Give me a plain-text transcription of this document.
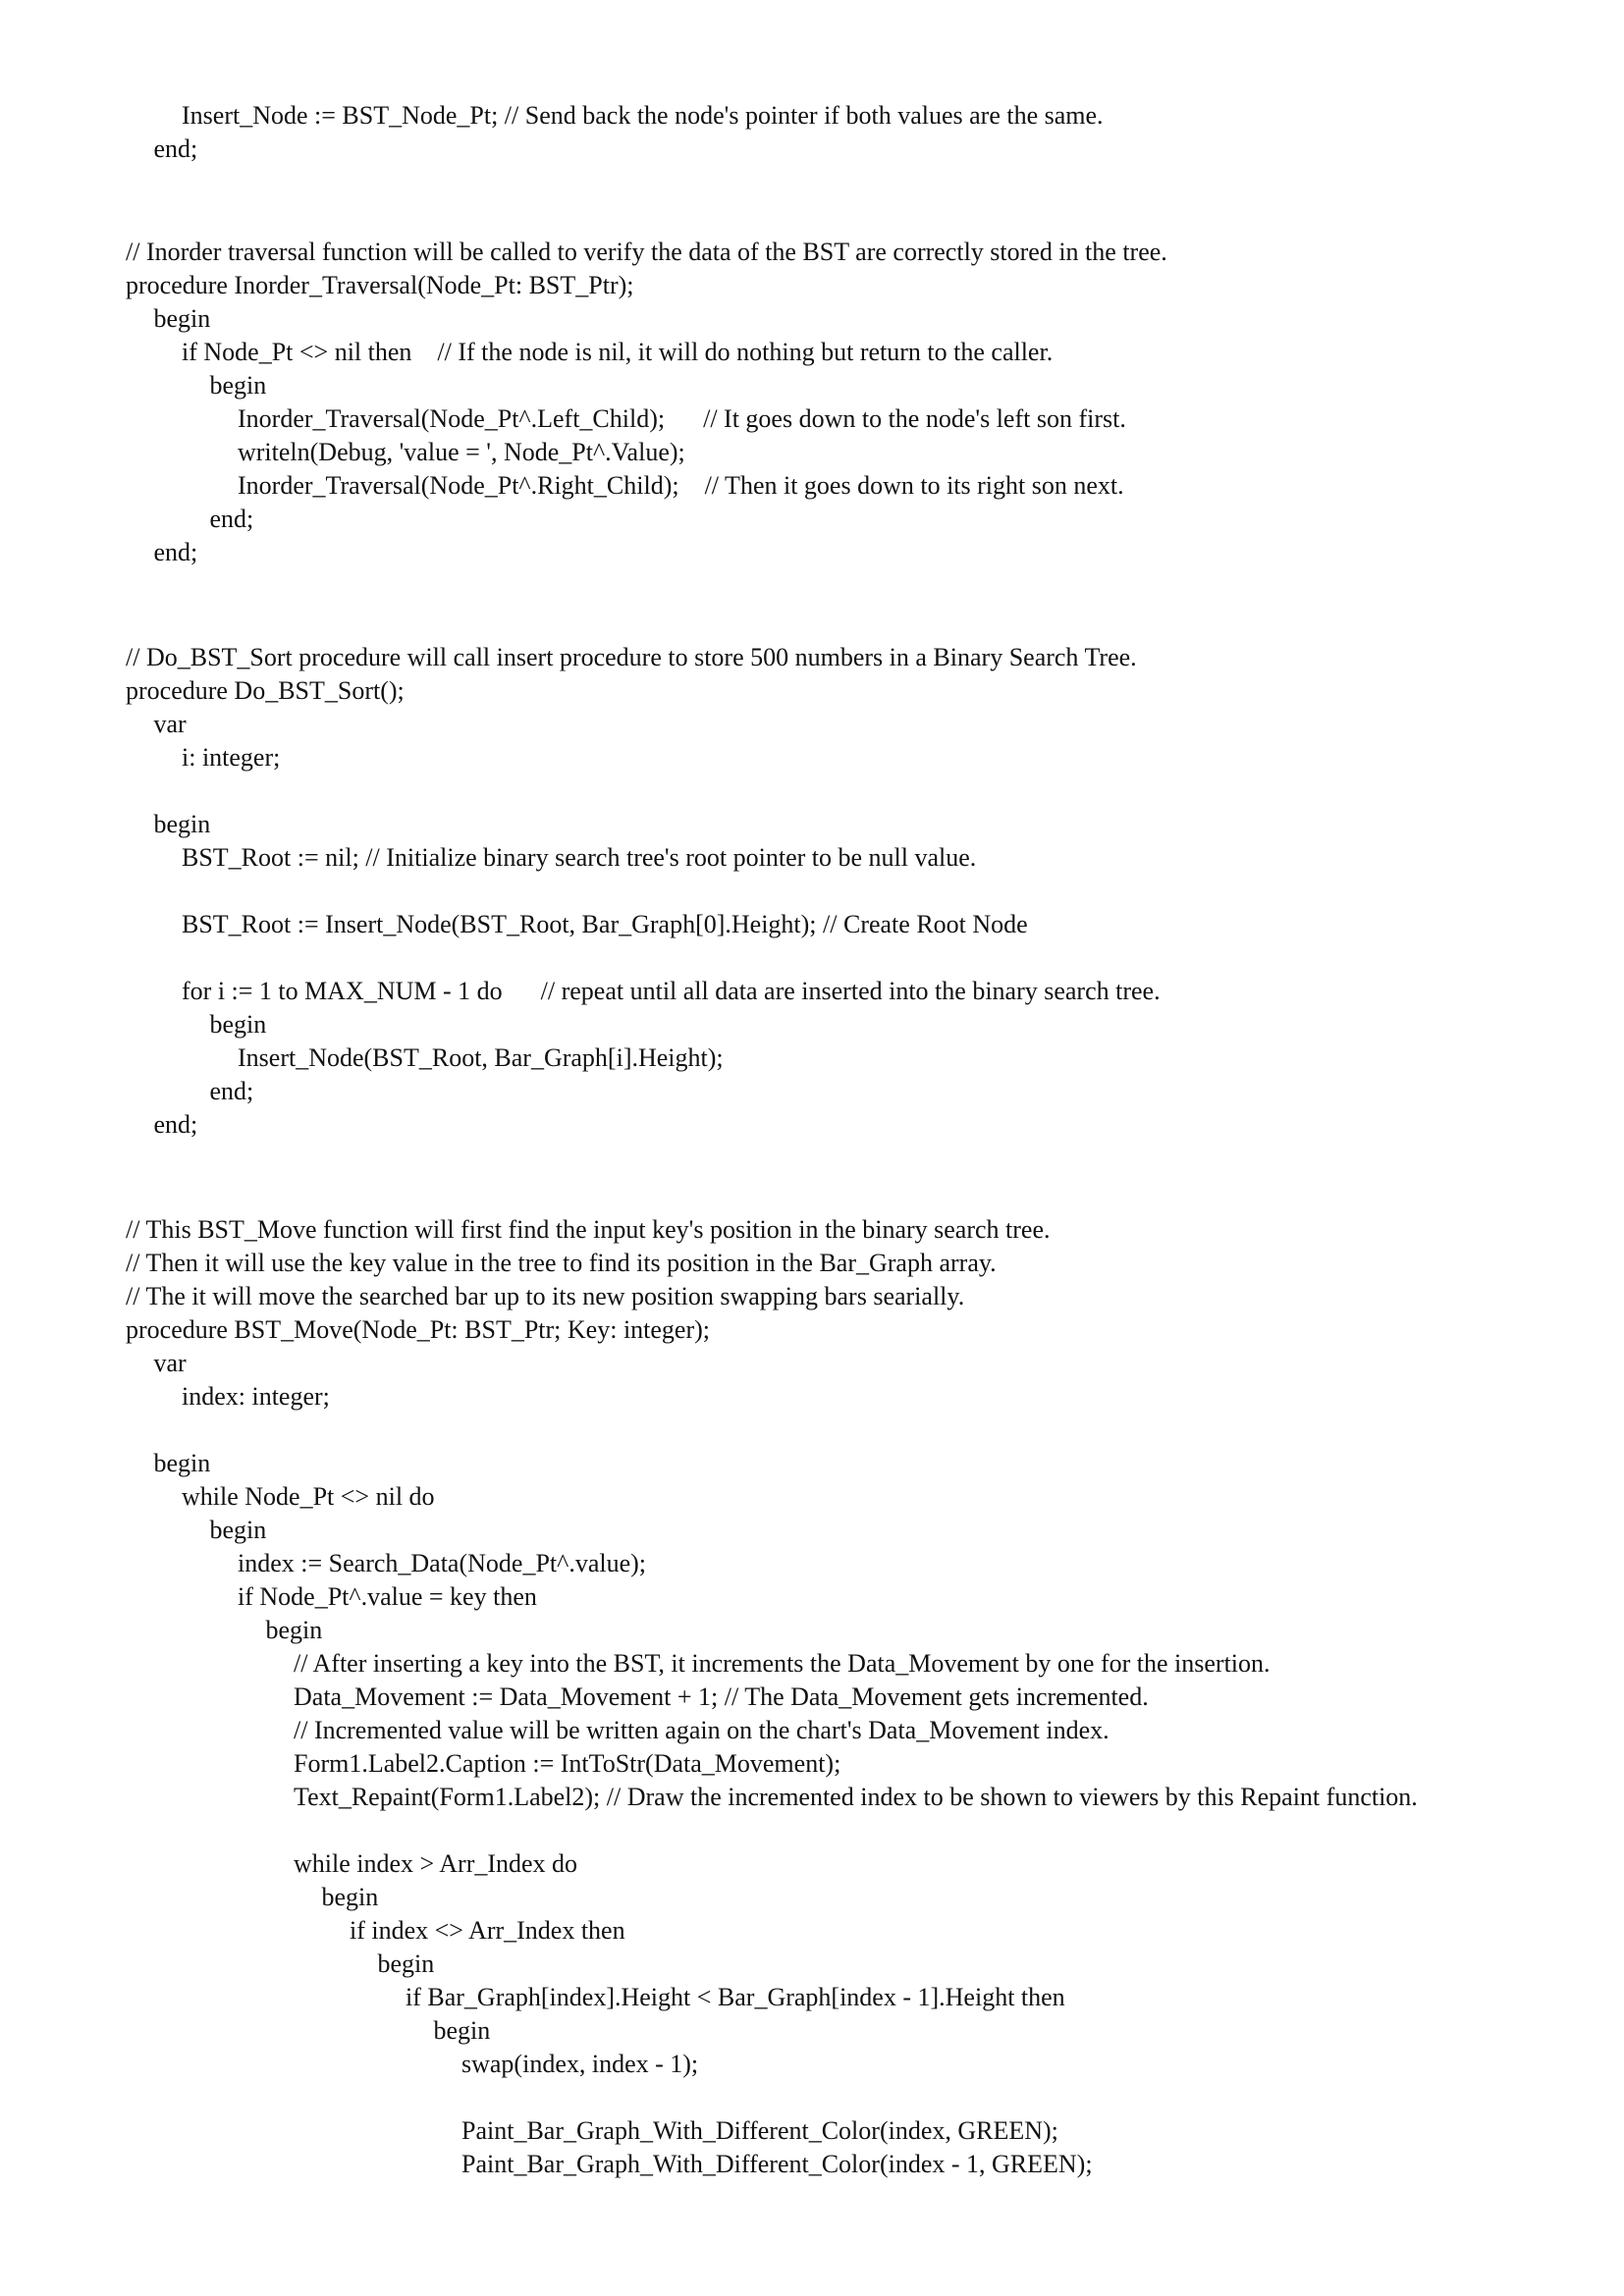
Insert_Node := BST_Node_Pt; // Send back the node's pointer if both values are the same.
end;
// Inorder traversal function will be called to verify the data of the BST are correctly stored in the tree.
procedure Inorder_Traversal(Node_Pt: BST_Ptr);
begin
if Node_Pt <> nil then    // If the node is nil, it will do nothing but return to the caller.
begin
Inorder_Traversal(Node_Pt^.Left_Child);      // It goes down to the node's left son first.
writeln(Debug, 'value = ', Node_Pt^.Value);
Inorder_Traversal(Node_Pt^.Right_Child);    // Then it goes down to its right son next.
end;
end;
// Do_BST_Sort procedure will call insert procedure to store 500 numbers in a Binary Search Tree.
procedure Do_BST_Sort();
var
i: integer;
begin
BST_Root := nil; // Initialize binary search tree's root pointer to be null value.
BST_Root := Insert_Node(BST_Root, Bar_Graph[0].Height); // Create Root Node
for i := 1 to MAX_NUM - 1 do      // repeat until all data are inserted into the binary search tree.
begin
Insert_Node(BST_Root, Bar_Graph[i].Height);
end;
end;
// This BST_Move function will first find the input key's position in the binary search tree.
// Then it will use the key value in the tree to find its position in the Bar_Graph array.
// The it will move the searched bar up to its new position swapping bars searially.
procedure BST_Move(Node_Pt: BST_Ptr; Key: integer);
var
index: integer;
begin
while Node_Pt <> nil do
begin
index := Search_Data(Node_Pt^.value);
if Node_Pt^.value = key then
begin
// After inserting a key into the BST, it increments the Data_Movement by one for the insertion.
Data_Movement := Data_Movement + 1; // The Data_Movement gets incremented.
// Incremented value will be written again on the chart's Data_Movement index.
Form1.Label2.Caption := IntToStr(Data_Movement);
Text_Repaint(Form1.Label2); // Draw the incremented index to be shown to viewers by this Repaint function.
while index > Arr_Index do
begin
if index <> Arr_Index then
begin
if Bar_Graph[index].Height < Bar_Graph[index - 1].Height then
begin
swap(index, index - 1);
Paint_Bar_Graph_With_Different_Color(index, GREEN);
Paint_Bar_Graph_With_Different_Color(index - 1, GREEN);
